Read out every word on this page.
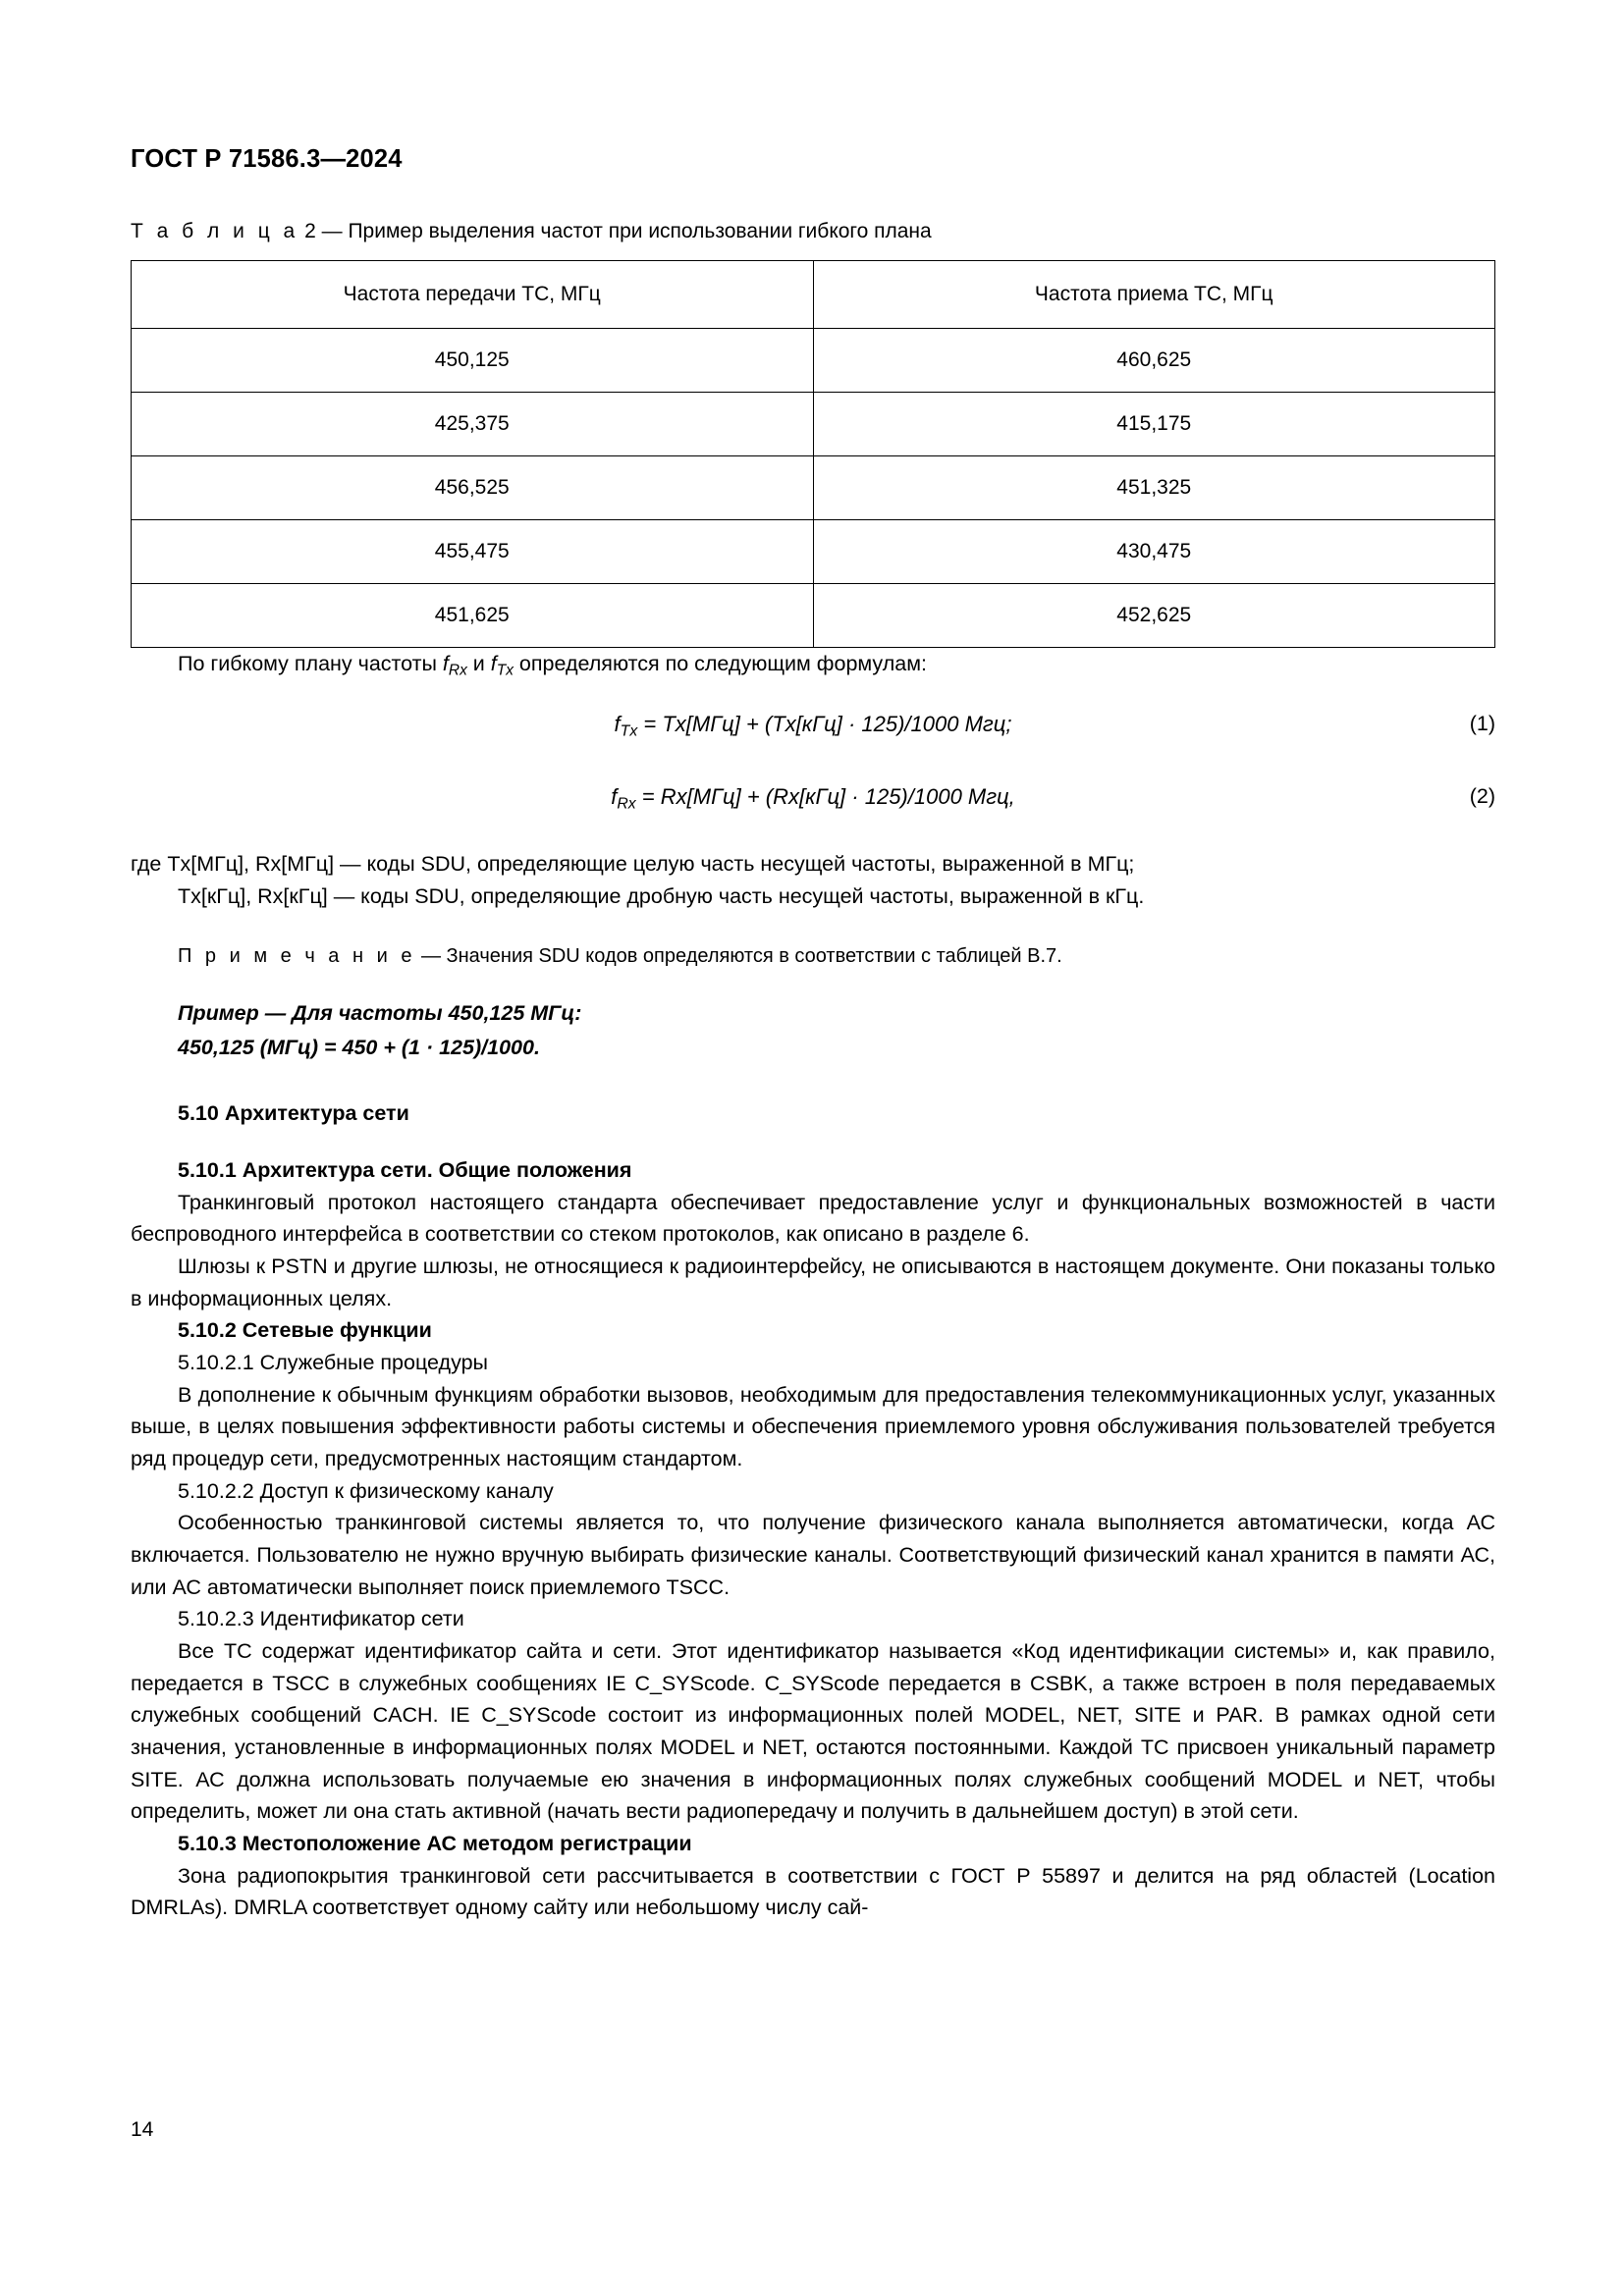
ГОСТ Р 71586.3—2024
Т а б л и ц а 2 — Пример выделения частот при использовании гибкого плана
Частота передачи ТС, МГц	Частота приема ТС, МГц
450,125	460,625
425,375	415,175
456,525	451,325
455,475	430,475
451,625	452,625

По гибкому плану частоты $f_{Rx}$ и $f_{Tx}$ определяются по следующим формулам:

$f_{Tx} = Tx[МГц] + (Tx[кГц] \cdot 125)/1000$ Мгц;	(1)
$f_{Rx} = Rx[МГц] + (Rx[кГц] \cdot 125)/1000$ Мгц,	(2)
где Tx[МГц], Rx[МГц] — коды SDU, определяющие целую часть несущей частоты, выраженной в МГц;
Tx[кГц], Rx[кГц] — коды SDU, определяющие дробную часть несущей частоты, выраженной в кГц.
П р и м е ч а н и е — Значения SDU кодов определяются в соответствии с таблицей В.7.
Пример — Для частоты 450,125 МГц:
450,125 (МГц) = 450 + (1 · 125)/1000.
5.10 Архитектура сети
5.10.1 Архитектура сети. Общие положения

Транкинговый протокол настоящего стандарта обеспечивает предоставление услуг и функциональных возможностей в части беспроводного интерфейса в соответствии со стеком протоколов, как описано в разделе 6.

Шлюзы к PSTN и другие шлюзы, не относящиеся к радиоинтерфейсу, не описываются в настоящем документе. Они показаны только в информационных целях.

5.10.2 Сетевые функции

5.10.2.1 Служебные процедуры

В дополнение к обычным функциям обработки вызовов, необходимым для предоставления телекоммуникационных услуг, указанных выше, в целях повышения эффективности работы системы и обеспечения приемлемого уровня обслуживания пользователей требуется ряд процедур сети, предусмотренных настоящим стандартом.

5.10.2.2 Доступ к физическому каналу

Особенностью транкинговой системы является то, что получение физического канала выполняется автоматически, когда АС включается. Пользователю не нужно вручную выбирать физические каналы. Соответствующий физический канал хранится в памяти АС, или АС автоматически выполняет поиск приемлемого TSCC.

5.10.2.3 Идентификатор сети

Все ТС содержат идентификатор сайта и сети. Этот идентификатор называется «Код идентификации системы» и, как правило, передается в TSCC в служебных сообщениях IE C_SYScode. C_SYScode передается в CSBK, а также встроен в поля передаваемых служебных сообщений CACH. IE C_SYScode состоит из информационных полей MODEL, NET, SITE и PAR. В рамках одной сети значения, установленные в информационных полях MODEL и NET, остаются постоянными. Каждой ТС присвоен уникальный параметр SITE. АС должна использовать получаемые ею значения в информационных полях служебных сообщений MODEL и NET, чтобы определить, может ли она стать активной (начать вести радиопередачу и получить в дальнейшем доступ) в этой сети.

5.10.3 Местоположение АС методом регистрации

Зона радиопокрытия транкинговой сети рассчитывается в соответствии с ГОСТ Р 55897 и делится на ряд областей (Location DMRLAs). DMRLA соответствует одному сайту или небольшому числу сай-

14
